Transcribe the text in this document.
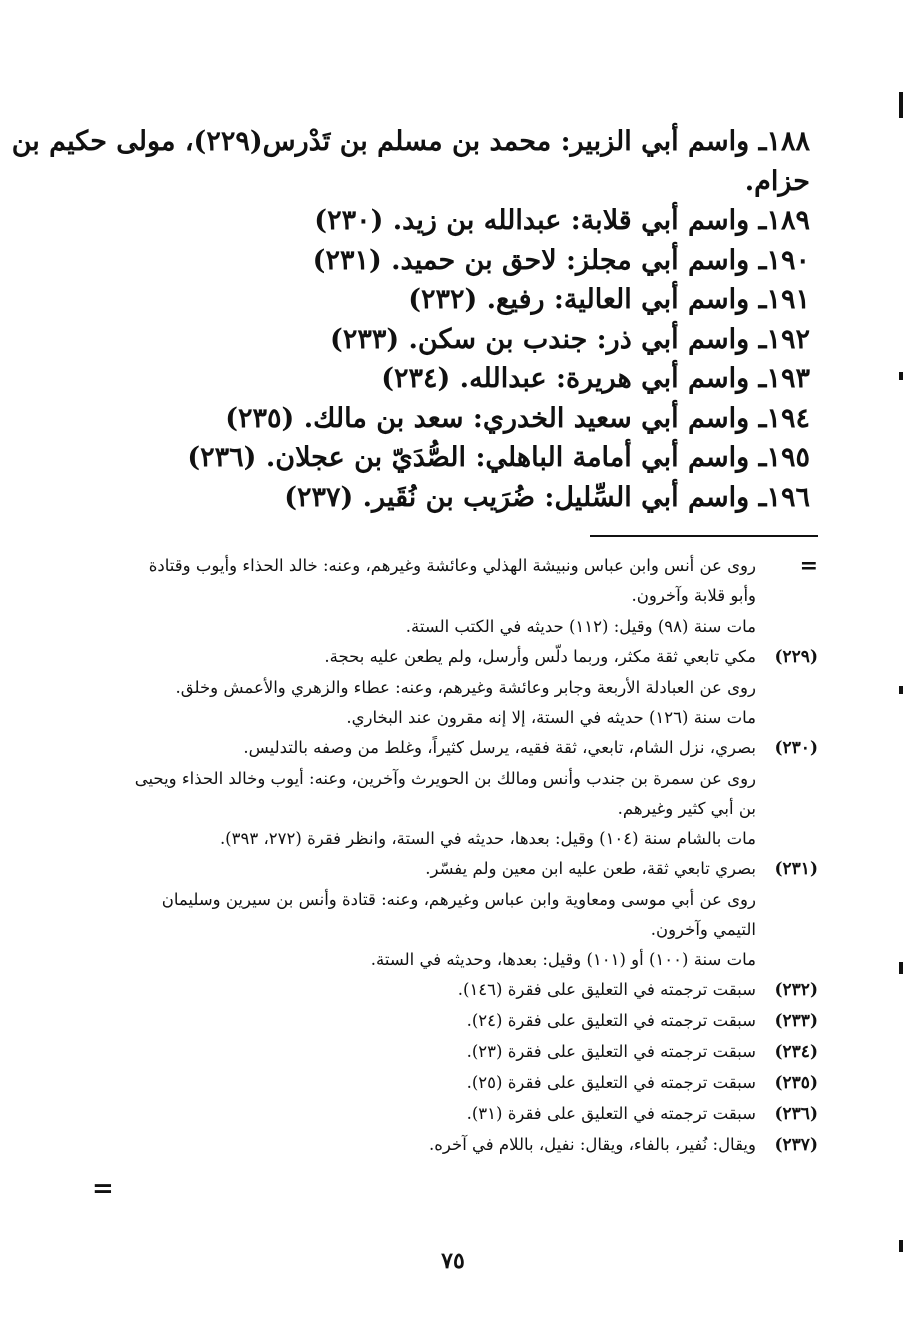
١٨٨ـ واسم أبي الزبير: محمد بن مسلم بن تَدْرس(٢٢٩)، مولى حكيم بن

حزام.

١٨٩ـ واسم أبي قلابة: عبدالله بن زيد. (٢٣٠)

١٩٠ـ واسم أبي مجلز: لاحق بن حميد. (٢٣١)

١٩١ـ واسم أبي العالية: رفيع. (٢٣٢)

١٩٢ـ واسم أبي ذر: جندب بن سكن. (٢٣٣)

١٩٣ـ واسم أبي هريرة: عبدالله. (٢٣٤)

١٩٤ـ واسم أبي سعيد الخدري: سعد بن مالك. (٢٣٥)

١٩٥ـ واسم أبي أمامة الباهلي: الصُّدَيّ بن عجلان. (٢٣٦)

١٩٦ـ واسم أبي السِّليل: ضُرَيب بن نُقَير. (٢٣٧)

=
روى عن أنس وابن عباس ونبيشة الهذلي وعائشة وغيرهم، وعنه: خالد الحذاء وأيوب وقتادة وأبو قلابة وآخرون.
مات سنة (٩٨) وقيل: (١١٢) حديثه في الكتب الستة.
(٢٢٩)
مكي تابعي ثقة مكثر، وربما دلّس وأرسل، ولم يطعن عليه بحجة.
روى عن العبادلة الأربعة وجابر وعائشة وغيرهم، وعنه: عطاء والزهري والأعمش وخلق.
مات سنة (١٢٦) حديثه في الستة، إلا إنه مقرون عند البخاري.
(٢٣٠)
بصري، نزل الشام، تابعي، ثقة فقيه، يرسل كثيراً، وغلط من وصفه بالتدليس.
روى عن سمرة بن جندب وأنس ومالك بن الحويرث وآخرين، وعنه: أيوب وخالد الحذاء ويحيى بن أبي كثير وغيرهم.
مات بالشام سنة (١٠٤) وقيل: بعدها، حديثه في الستة، وانظر فقرة (٢٧٢، ٣٩٣).
(٢٣١)
بصري تابعي ثقة، طعن عليه ابن معين ولم يفسّر.
روى عن أبي موسى ومعاوية وابن عباس وغيرهم، وعنه: قتادة وأنس بن سيرين وسليمان التيمي وآخرون.
مات سنة (١٠٠) أو (١٠١) وقيل: بعدها، وحديثه في الستة.
(٢٣٢)
سبقت ترجمته في التعليق على فقرة (١٤٦).
(٢٣٣)
سبقت ترجمته في التعليق على فقرة (٢٤).
(٢٣٤)
سبقت ترجمته في التعليق على فقرة (٢٣).
(٢٣٥)
سبقت ترجمته في التعليق على فقرة (٢٥).
(٢٣٦)
سبقت ترجمته في التعليق على فقرة (٣١).
(٢٣٧)
ويقال: نُفير، بالفاء، ويقال: نفيل، باللام في آخره.
=
٧٥
